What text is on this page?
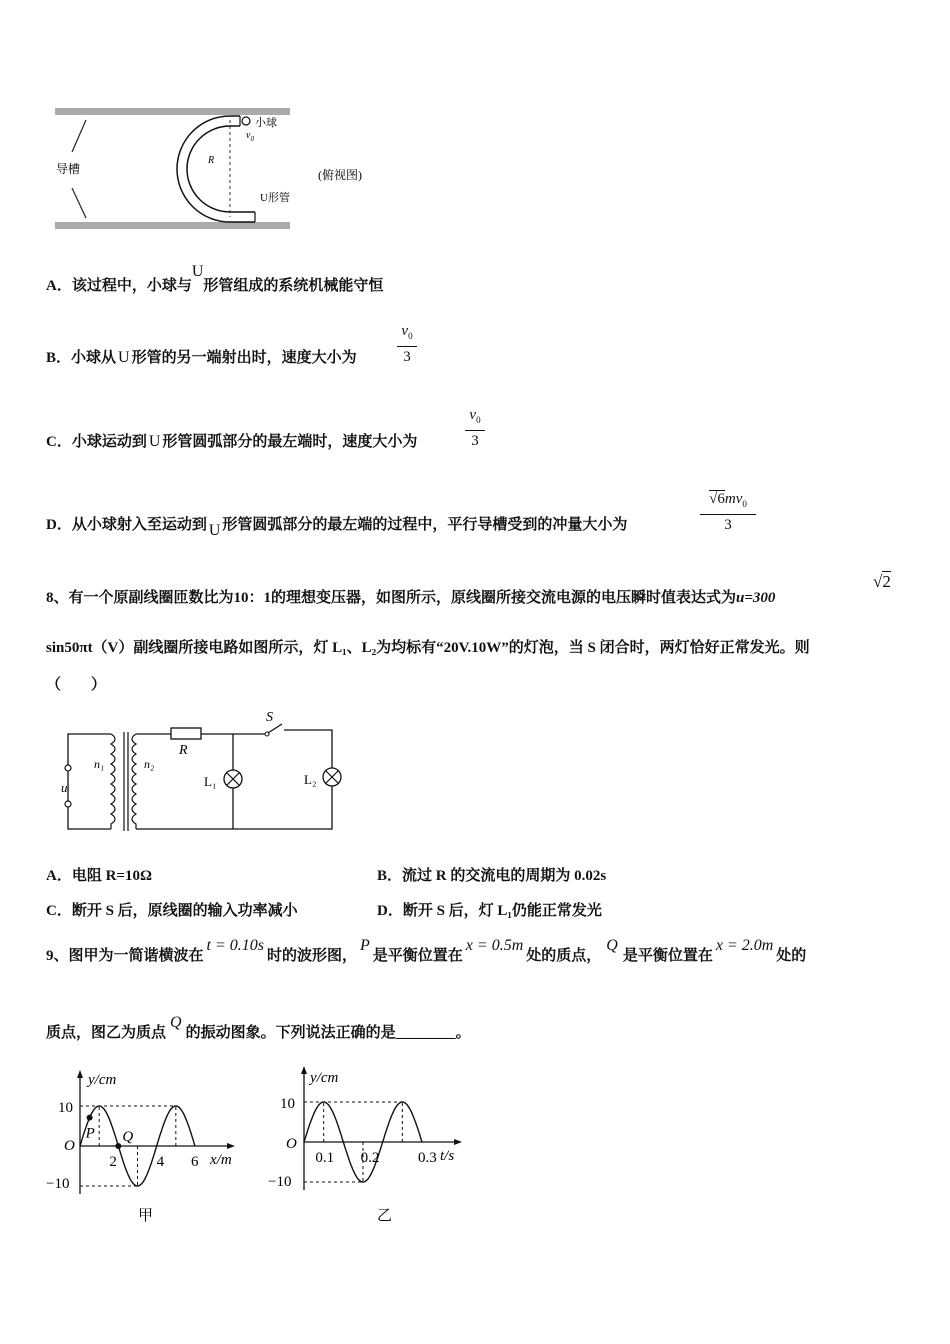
导槽
小球
$v_0$
R
U形管
(俯视图)
A．该过程中，小球与U形管组成的系统机械能守恒
B．小球从 U 形管的另一端射出时，速度大小为
$v_0$
3
C．小球运动到 U 形管圆弧部分的最左端时，速度大小为
$v_0$
3
D．从小球射入至运动到 U 形管圆弧部分的最左端的过程中，平行导槽受到的冲量大小为
$√6mv_0$
3
8、有一个原副线圈匝数比为10：1的理想变压器，如图所示，原线圈所接交流电源的电压瞬时值表达式为u=300
√2
sin50πt（V）副线圈所接电路如图所示，灯 L₁、L₂为均标有“20V.10W”的灯泡，当 S 闭合时，两灯恰好正常发光。则
（　　）
u
n₁	n₂
R
S
L₁	L₂
A．电阻 R=10Ω	B．流过 R 的交流电的周期为 0.02s
C．断开 S 后，原线圈的输入功率减小	D．断开 S 后，灯 L₁仍能正常发光
9、图甲为一简谐横波在t = 0.10s时的波形图，P是平衡位置在x = 0.5m处的质点，Q是平衡位置在x = 2.0m处的
质点，图乙为质点Q的振动图象。下列说法正确的是________。
y/cm
O
10
−10
x/m
甲
2	4 6
P Q
y/cm
O
10
−10
t/s
乙
0.1 0.2	0.3
